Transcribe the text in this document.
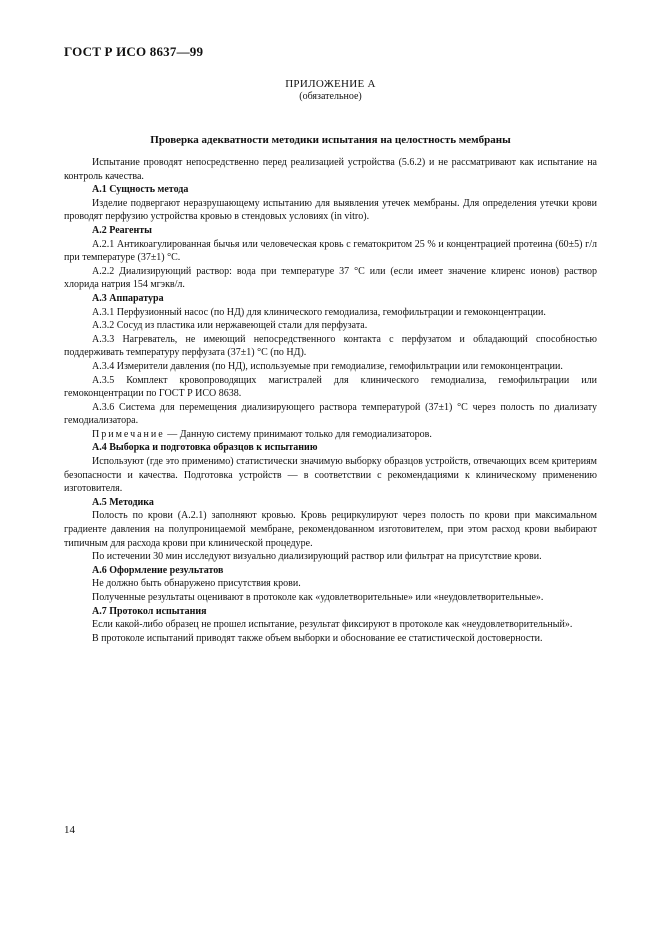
ГОСТ Р ИСО 8637—99
ПРИЛОЖЕНИЕ А
(обязательное)
Проверка адекватности методики испытания на целостность мембраны

Испытание проводят непосредственно перед реализацией устройства (5.6.2) и не рассматривают как испытание на контроль качества.

А.1 Сущность метода

Изделие подвергают неразрушающему испытанию для выявления утечек мембраны. Для определения утечки крови проводят перфузию устройства кровью в стендовых условиях (in vitro).

А.2 Реагенты

А.2.1 Антикоагулированная бычья или человеческая кровь с гематокритом 25 % и концентрацией протеина (60±5) г/л при температуре (37±1) °С.

А.2.2 Диализирующий раствор: вода при температуре 37 °С или (если имеет значение клиренс ионов) раствор хлорида натрия 154 мгэкв/л.

А.3 Аппаратура

А.3.1 Перфузионный насос (по НД) для клинического гемодиализа, гемофильтрации и гемоконцентрации.

А.3.2 Сосуд из пластика или нержавеющей стали для перфузата.

А.3.3 Нагреватель, не имеющий непосредственного контакта с перфузатом и обладающий способностью поддерживать температуру перфузата (37±1) °С (по НД).

А.3.4 Измерители давления (по НД), используемые при гемодиализе, гемофильтрации или гемоконцентрации.

А.3.5 Комплект кровопроводящих магистралей для клинического гемодиализа, гемофильтрации или гемоконцентрации по ГОСТ Р ИСО 8638.

А.3.6 Система для перемещения диализирующего раствора температурой (37±1) °С через полость по диализату гемодиализатора.

Примечание — Данную систему принимают только для гемодиализаторов.

А.4 Выборка и подготовка образцов к испытанию

Используют (где это применимо) статистически значимую выборку образцов устройств, отвечающих всем критериям безопасности и качества. Подготовка устройств — в соответствии с рекомендациями к клиническому применению изготовителя.

А.5 Методика

Полость по крови (А.2.1) заполняют кровью. Кровь рециркулируют через полость по крови при максимальном градиенте давления на полупроницаемой мембране, рекомендованном изготовителем, при этом расход крови выбирают типичным для расхода крови при клинической процедуре.

По истечении 30 мин исследуют визуально диализирующий раствор или фильтрат на присутствие крови.

А.6 Оформление результатов

Не должно быть обнаружено присутствия крови.

Полученные результаты оценивают в протоколе как «удовлетворительные» или «неудовлетворительные».

А.7 Протокол испытания

Если какой-либо образец не прошел испытание, результат фиксируют в протоколе как «неудовлетворительный».

В протоколе испытаний приводят также объем выборки и обоснование ее статистической достоверности.

14
